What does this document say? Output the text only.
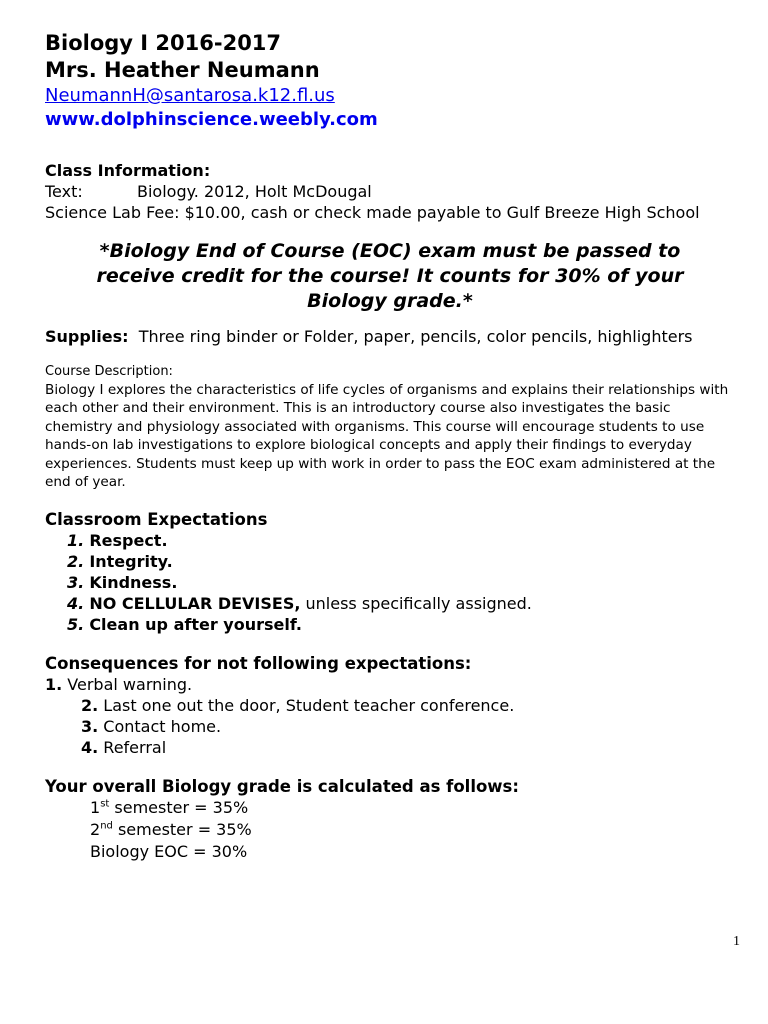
Biology I 2016-2017
Mrs. Heather Neumann
NeumannH@santarosa.k12.fl.us
www.dolphinscience.weebly.com
Class Information:
Text:	Biology. 2012, Holt McDougal
Science Lab Fee: $10.00, cash or check made payable to Gulf Breeze High School
*Biology End of Course (EOC) exam must be passed to receive credit for the course! It counts for 30% of your Biology grade.*
Supplies: Three ring binder or Folder, paper, pencils, color pencils, highlighters
Course Description:
Biology I explores the characteristics of life cycles of organisms and explains their relationships with each other and their environment. This is an introductory course also investigates the basic chemistry and physiology associated with organisms. This course will encourage students to use hands-on lab investigations to explore biological concepts and apply their findings to everyday experiences. Students must keep up with work in order to pass the EOC exam administered at the end of year.
Classroom Expectations
1. Respect.
2. Integrity.
3. Kindness.
4. NO CELLULAR DEVISES, unless specifically assigned.
5. Clean up after yourself.
Consequences for not following expectations:
1. Verbal warning.
2. Last one out the door, Student teacher conference.
3. Contact home.
4. Referral
Your overall Biology grade is calculated as follows:
1st semester = 35%
2nd semester = 35%
Biology EOC = 30%
1
